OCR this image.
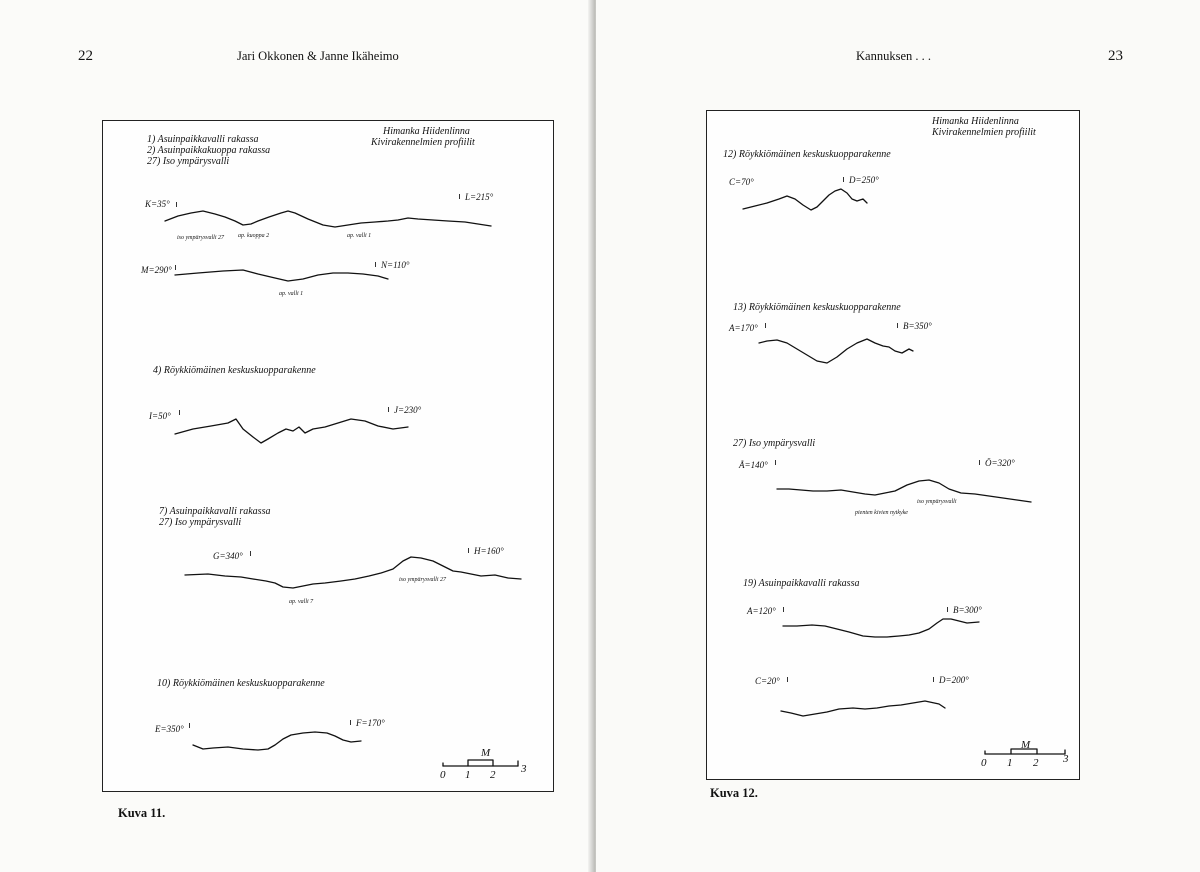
22	Jari Okkonen & Janne Ikäheimo
1) Asuinpaikkavalli rakassa
2) Asuinpaikkakuoppa rakassa
27) Iso ympärysvalli
Himanka Hiidenlinna
Kivirakennelmien profiilit
K=35°
L=215°
iso ympärysvalli 27 ap. kuoppa 2	ap. valli 1
M=290°	N=110°
ap. valli 1
4) Röykkiömäinen keskuskuopparakenne
I=50°
J=230°
7) Asuinpaikkavalli rakassa
27) Iso ympärysvalli
G=340°	H=160°
ap. valli 7
iso ympärysvalli 27
10) Röykkiömäinen keskuskuopparakenne
E=350°
F=170°
M
0 1 2 3
Kuva 11.
Kannuksen . . .	23
Himanka Hiidenlinna
Kivirakennelmien profiilit
12) Röykkiömäinen keskuskuopparakenne
C=70°	D=250°
13) Röykkiömäinen keskuskuopparakenne
A=170°	B=350°
27) Iso ympärysvalli
Å=140°	Ö=320°
iso ympärysvalli
pienten kivien nytkyke
19) Asuinpaikkavalli rakassa
A=120°	B=300°
C=20°	D=200°
M
0 1 2 3
Kuva 12.
